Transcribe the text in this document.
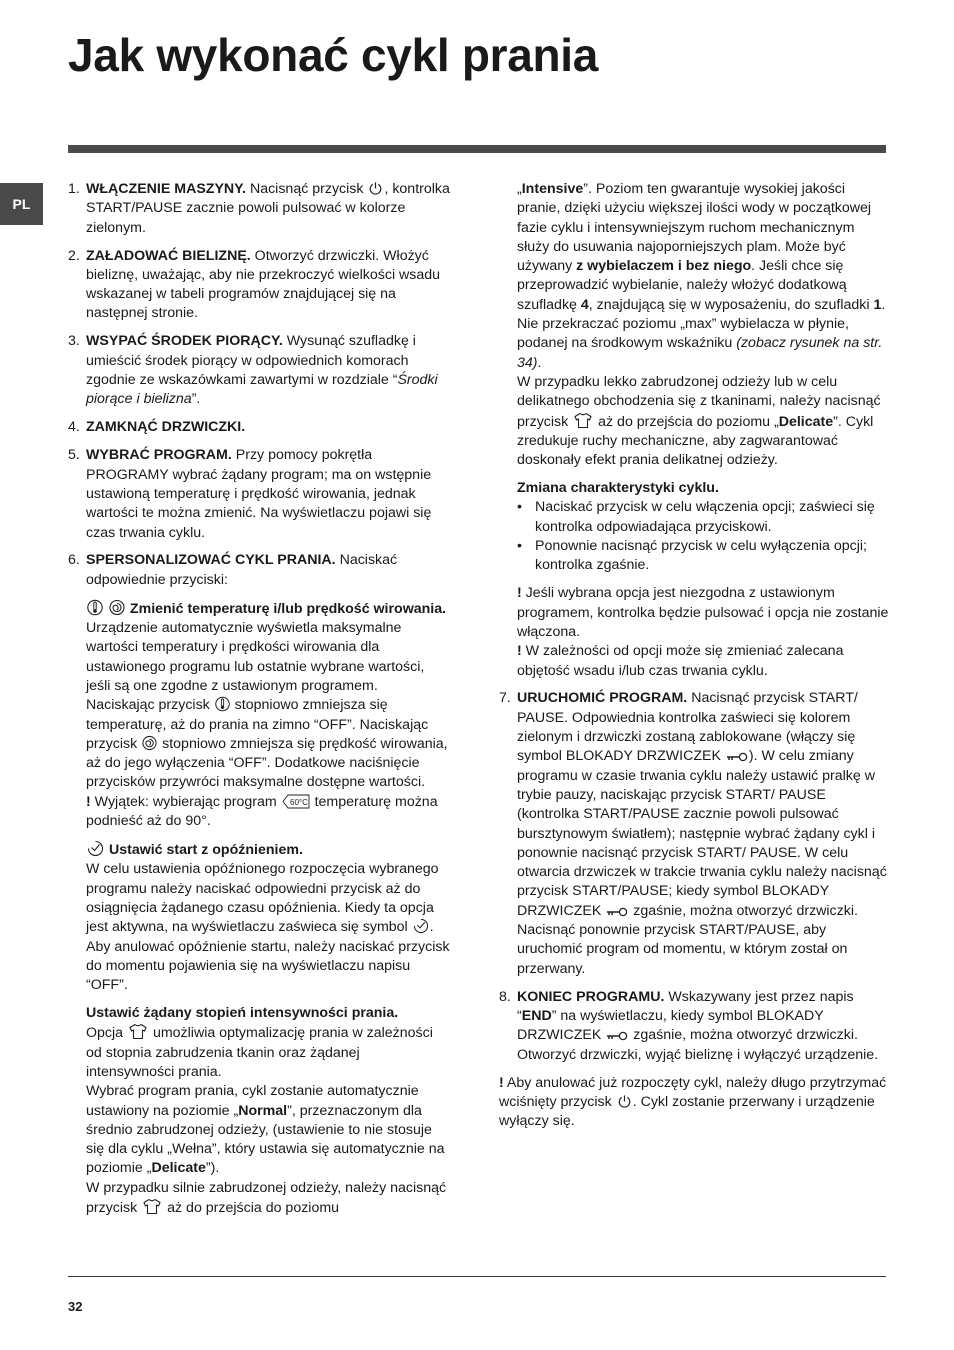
Jak wykonać cykl prania
PL
1. WŁĄCZENIE MASZYNY. Nacisnąć przycisk , kontrolka START/PAUSE zacznie powoli pulsować w kolorze zielonym.
2. ZAŁADOWAĆ BIELIZNĘ. Otworzyć drzwiczki. Włożyć bieliznę, uważając, aby nie przekroczyć wielkości wsadu wskazanej w tabeli programów znajdującej się na następnej stronie.
3. WSYPAĆ ŚRODEK PIORĄCY. Wysunąć szufladkę i umieścić środek piorący w odpowiednich komorach zgodnie ze wskazówkami zawartymi w rozdziale “Środki piorące i bielizna”.
4. ZAMKNĄĆ DRZWICZKI.
5. WYBRAĆ PROGRAM. Przy pomocy pokrętła PROGRAMY wybrać żądany program; ma on wstępnie ustawioną temperaturę i prędkość wirowania, jednak wartości te można zmienić. Na wyświetlaczu pojawi się czas trwania cyklu.
6. SPERSONALIZOWAĆ CYKL PRANIA. Naciskać odpowiednie przyciski:

Zmienić temperaturę i/lub prędkość wirowania. Urządzenie automatycznie wyświetla maksymalne wartości temperatury i prędkości wirowania dla ustawionego programu lub ostatnie wybrane wartości, jeśli są one zgodne z ustawionym programem. Naciskając przycisk  stopniowo zmniejsza się temperaturę, aż do prania na zimno “OFF”. Naciskając przycisk  stopniowo zmniejsza się prędkość wirowania, aż do jego wyłączenia “OFF”. Dodatkowe naciśnięcie przycisków przywróci maksymalne dostępne wartości.

! Wyjątek: wybierając program 60°C temperaturę można podnieść aż do 90°.

Ustawić start z opóźnieniem.

W celu ustawienia opóźnionego rozpoczęcia wybranego programu należy naciskać odpowiedni przycisk aż do osiągnięcia żądanego czasu opóźnienia. Kiedy ta opcja jest aktywna, na wyświetlaczu zaświeca się symbol . Aby anulować opóźnienie startu, należy naciskać przycisk do momentu pojawienia się na wyświetlaczu napisu “OFF”.

Ustawić żądany stopień intensywności prania.

Opcja  umożliwia optymalizację prania w zależności od stopnia zabrudzenia tkanin oraz żądanej intensywności prania.

Wybrać program prania, cykl zostanie automatycznie ustawiony na poziomie „Normal”, przeznaczonym dla średnio zabrudzonej odzieży, (ustawienie to nie stosuje się dla cyklu „Wełna”, który ustawia się automatycznie na poziomie „Delicate”).

W przypadku silnie zabrudzonej odzieży, należy nacisnąć przycisk  aż do przejścia do poziomu

„Intensive”. Poziom ten gwarantuje wysokiej jakości pranie, dzięki użyciu większej ilości wody w początkowej fazie cyklu i intensywniejszym ruchom mechanicznym służy do usuwania najoporniejszych plam. Może być używany z wybielaczem i bez niego. Jeśli chce się przeprowadzić wybielanie, należy włożyć dodatkową szufladkę 4, znajdującą się w wyposażeniu, do szufladki 1. Nie przekraczać poziomu „max” wybielacza w płynie, podanej na środkowym wskaźniku (zobacz rysunek na str. 34).

W przypadku lekko zabrudzonej odzieży lub w celu delikatnego obchodzenia się z tkaninami, należy nacisnąć przycisk  aż do przejścia do poziomu „Delicate”. Cykl zredukuje ruchy mechaniczne, aby zagwarantować doskonały efekt prania delikatnej odzieży.

Zmiana charakterystyki cyklu.

• Naciskać przycisk w celu włączenia opcji; zaświeci się kontrolka odpowiadająca przyciskowi.
• Ponownie nacisnąć przycisk w celu wyłączenia opcji; kontrolka zgaśnie.

! Jeśli wybrana opcja jest niezgodna z ustawionym programem, kontrolka będzie pulsować i opcja nie zostanie włączona.

! W zależności od opcji może się zmieniać zalecana objętość wsadu i/lub czas trwania cyklu.

7. URUCHOMIĆ PROGRAM. Nacisnąć przycisk START/ PAUSE. Odpowiednia kontrolka zaświeci się kolorem zielonym i drzwiczki zostaną zablokowane (włączy się symbol BLOKADY DRZWICZEK ). W celu zmiany programu w czasie trwania cyklu należy ustawić pralkę w trybie pauzy, naciskając przycisk START/ PAUSE (kontrolka START/PAUSE zacznie powoli pulsować bursztynowym światłem); następnie wybrać żądany cykl i ponownie nacisnąć przycisk START/ PAUSE. W celu otwarcia drzwiczek w trakcie trwania cyklu należy nacisnąć przycisk START/PAUSE; kiedy symbol BLOKADY DRZWICZEK  zgaśnie, można otworzyć drzwiczki. Nacisnąć ponownie przycisk START/PAUSE, aby uruchomić program od momentu, w którym został on przerwany.
8. KONIEC PROGRAMU. Wskazywany jest przez napis “END” na wyświetlaczu, kiedy symbol BLOKADY DRZWICZEK  zgaśnie, można otworzyć drzwiczki. Otworzyć drzwiczki, wyjąć bieliznę i wyłączyć urządzenie.

! Aby anulować już rozpoczęty cykl, należy długo przytrzymać wciśnięty przycisk . Cykl zostanie przerwany i urządzenie wyłączy się.

32
